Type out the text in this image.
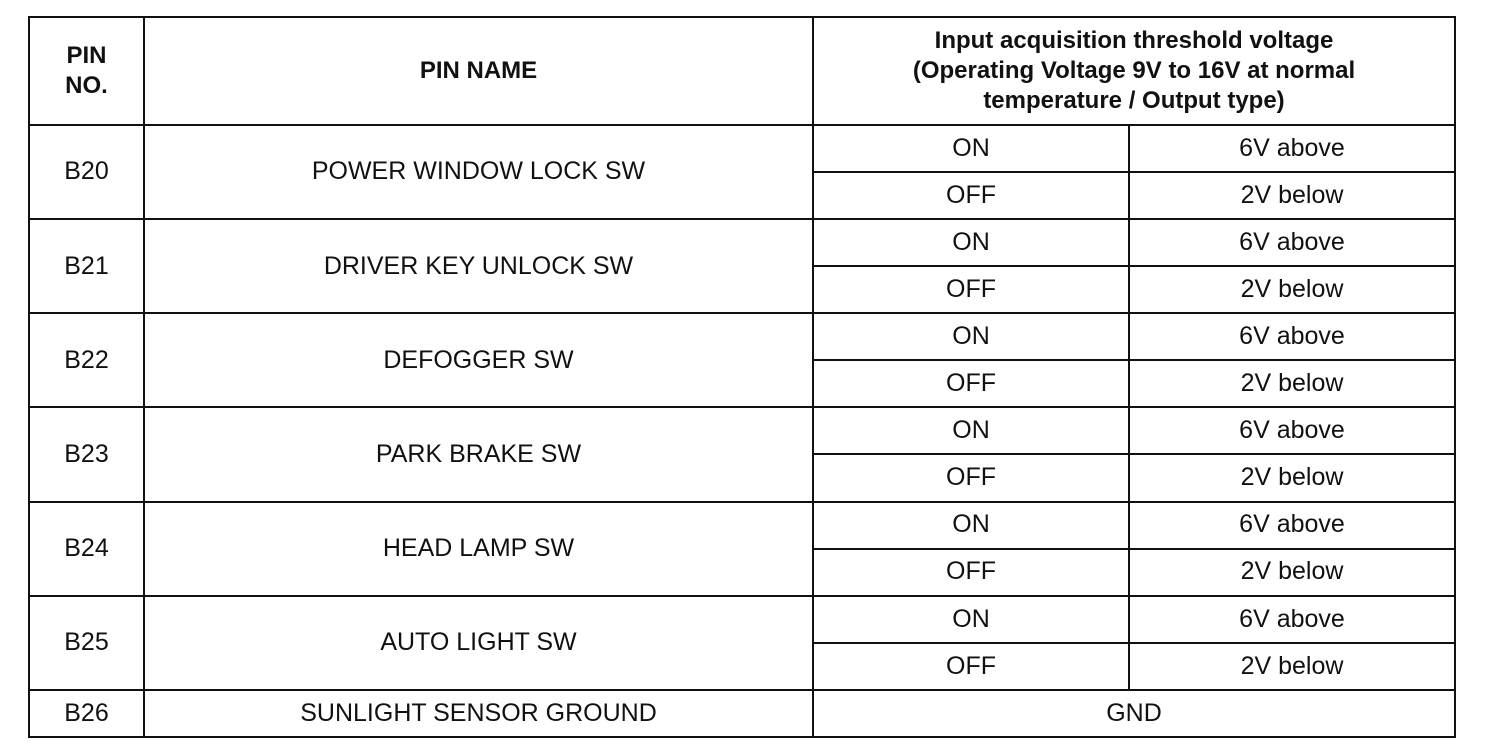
PIN
NO.	PIN NAME	Input acquisition threshold voltage
(Operating Voltage 9V to 16V at normal
temperature / Output type)	

B20	POWER WINDOW LOCK SW	ON	6V above
		OFF	2V below
B21	DRIVER KEY UNLOCK SW	ON	6V above
		OFF	2V below
B22	DEFOGGER SW	ON	6V above
		OFF	2V below
B23	PARK BRAKE SW	ON	6V above
		OFF	2V below
B24	HEAD LAMP SW	ON	6V above
		OFF	2V below
B25	AUTO LIGHT SW	ON	6V above
		OFF	2V below
B26	SUNLIGHT SENSOR GROUND	GND	
